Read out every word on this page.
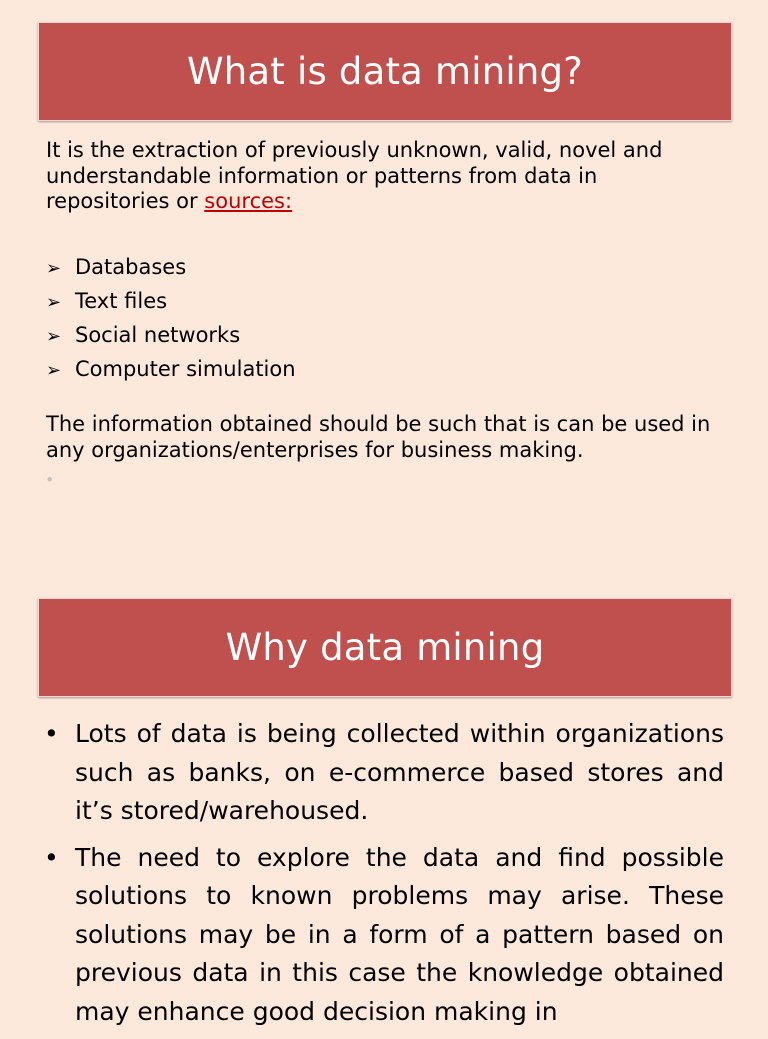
What is data mining?
It is the extraction of previously unknown, valid, novel and understandable information or patterns from data in repositories or sources:
➢ Databases
➢ Text files
➢ Social networks
➢ Computer simulation
The information obtained should be such that is can be used in any organizations/enterprises for business making.
•
Why data mining
• Lots of data is being collected within organizations such as banks, on e-commerce based stores and it’s stored/warehoused.
• The need to explore the data and find possible solutions to known problems may arise. These solutions may be in a form of a pattern based on previous data in this case the knowledge obtained may enhance good decision making in
